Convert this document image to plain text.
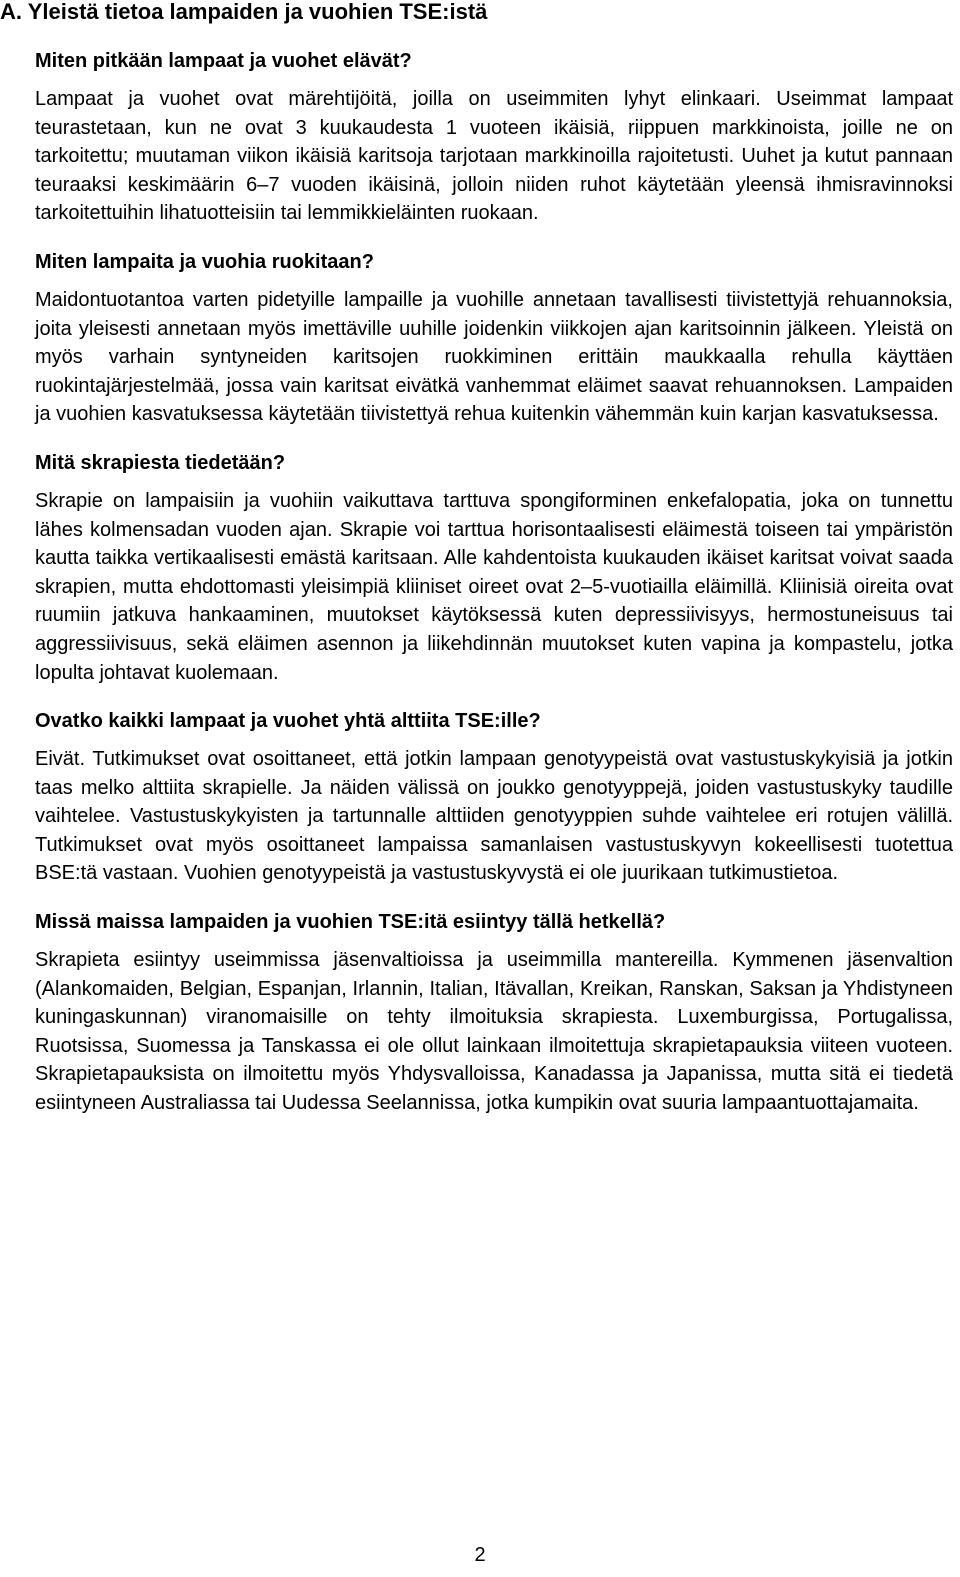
A. Yleistä tietoa lampaiden ja vuohien TSE:istä
Miten pitkään lampaat ja vuohet elävät?

Lampaat ja vuohet ovat märehtijöitä, joilla on useimmiten lyhyt elinkaari. Useimmat lampaat teurastetaan, kun ne ovat 3 kuukaudesta 1 vuoteen ikäisiä, riippuen markkinoista, joille ne on tarkoitettu; muutaman viikon ikäisiä karitsoja tarjotaan markkinoilla rajoitetusti. Uuhet ja kutut pannaan teuraaksi keskimäärin 6–7 vuoden ikäisinä, jolloin niiden ruhot käytetään yleensä ihmisravinnoksi tarkoitettuihin lihatuotteisiin tai lemmikkieläinten ruokaan.

Miten lampaita ja vuohia ruokitaan?

Maidontuotantoa varten pidetyille lampaille ja vuohille annetaan tavallisesti tiivistettyjä rehuannoksia, joita yleisesti annetaan myös imettäville uuhille joidenkin viikkojen ajan karitsoinnin jälkeen. Yleistä on myös varhain syntyneiden karitsojen ruokkiminen erittäin maukkaalla rehulla käyttäen ruokintajärjestelmää, jossa vain karitsat eivätkä vanhemmat eläimet saavat rehuannoksen. Lampaiden ja vuohien kasvatuksessa käytetään tiivistettyä rehua kuitenkin vähemmän kuin karjan kasvatuksessa.

Mitä skrapiesta tiedetään?

Skrapie on lampaisiin ja vuohiin vaikuttava tarttuva spongiforminen enkefalopatia, joka on tunnettu lähes kolmensadan vuoden ajan. Skrapie voi tarttua horisontaalisesti eläimestä toiseen tai ympäristön kautta taikka vertikaalisesti emästä karitsaan. Alle kahdentoista kuukauden ikäiset karitsat voivat saada skrapien, mutta ehdottomasti yleisimpiä kliiniset oireet ovat 2–5-vuotiailla eläimillä. Kliinisiä oireita ovat ruumiin jatkuva hankaaminen, muutokset käytöksessä kuten depressiivisyys, hermostuneisuus tai aggressiivisuus, sekä eläimen asennon ja liikehdinnän muutokset kuten vapina ja kompastelu, jotka lopulta johtavat kuolemaan.

Ovatko kaikki lampaat ja vuohet yhtä alttiita TSE:ille?

Eivät. Tutkimukset ovat osoittaneet, että jotkin lampaan genotyypeistä ovat vastustuskykyisiä ja jotkin taas melko alttiita skrapielle. Ja näiden välissä on joukko genotyyppejä, joiden vastustuskyky taudille vaihtelee. Vastustuskykyisten ja tartunnalle alttiiden genotyyppien suhde vaihtelee eri rotujen välillä. Tutkimukset ovat myös osoittaneet lampaissa samanlaisen vastustuskyvyn kokeellisesti tuotettua BSE:tä vastaan. Vuohien genotyypeistä ja vastustuskyvystä ei ole juurikaan tutkimustietoa.

Missä maissa lampaiden ja vuohien TSE:itä esiintyy tällä hetkellä?

Skrapieta esiintyy useimmissa jäsenvaltioissa ja useimmilla mantereilla. Kymmenen jäsenvaltion (Alankomaiden, Belgian, Espanjan, Irlannin, Italian, Itävallan, Kreikan, Ranskan, Saksan ja Yhdistyneen kuningaskunnan) viranomaisille on tehty ilmoituksia skrapiesta. Luxemburgissa, Portugalissa, Ruotsissa, Suomessa ja Tanskassa ei ole ollut lainkaan ilmoitettuja skrapietapauksia viiteen vuoteen. Skrapietapauksista on ilmoitettu myös Yhdysvalloissa, Kanadassa ja Japanissa, mutta sitä ei tiedetä esiintyneen Australiassa tai Uudessa Seelannissa, jotka kumpikin ovat suuria lampaantuottajamaita.

2
